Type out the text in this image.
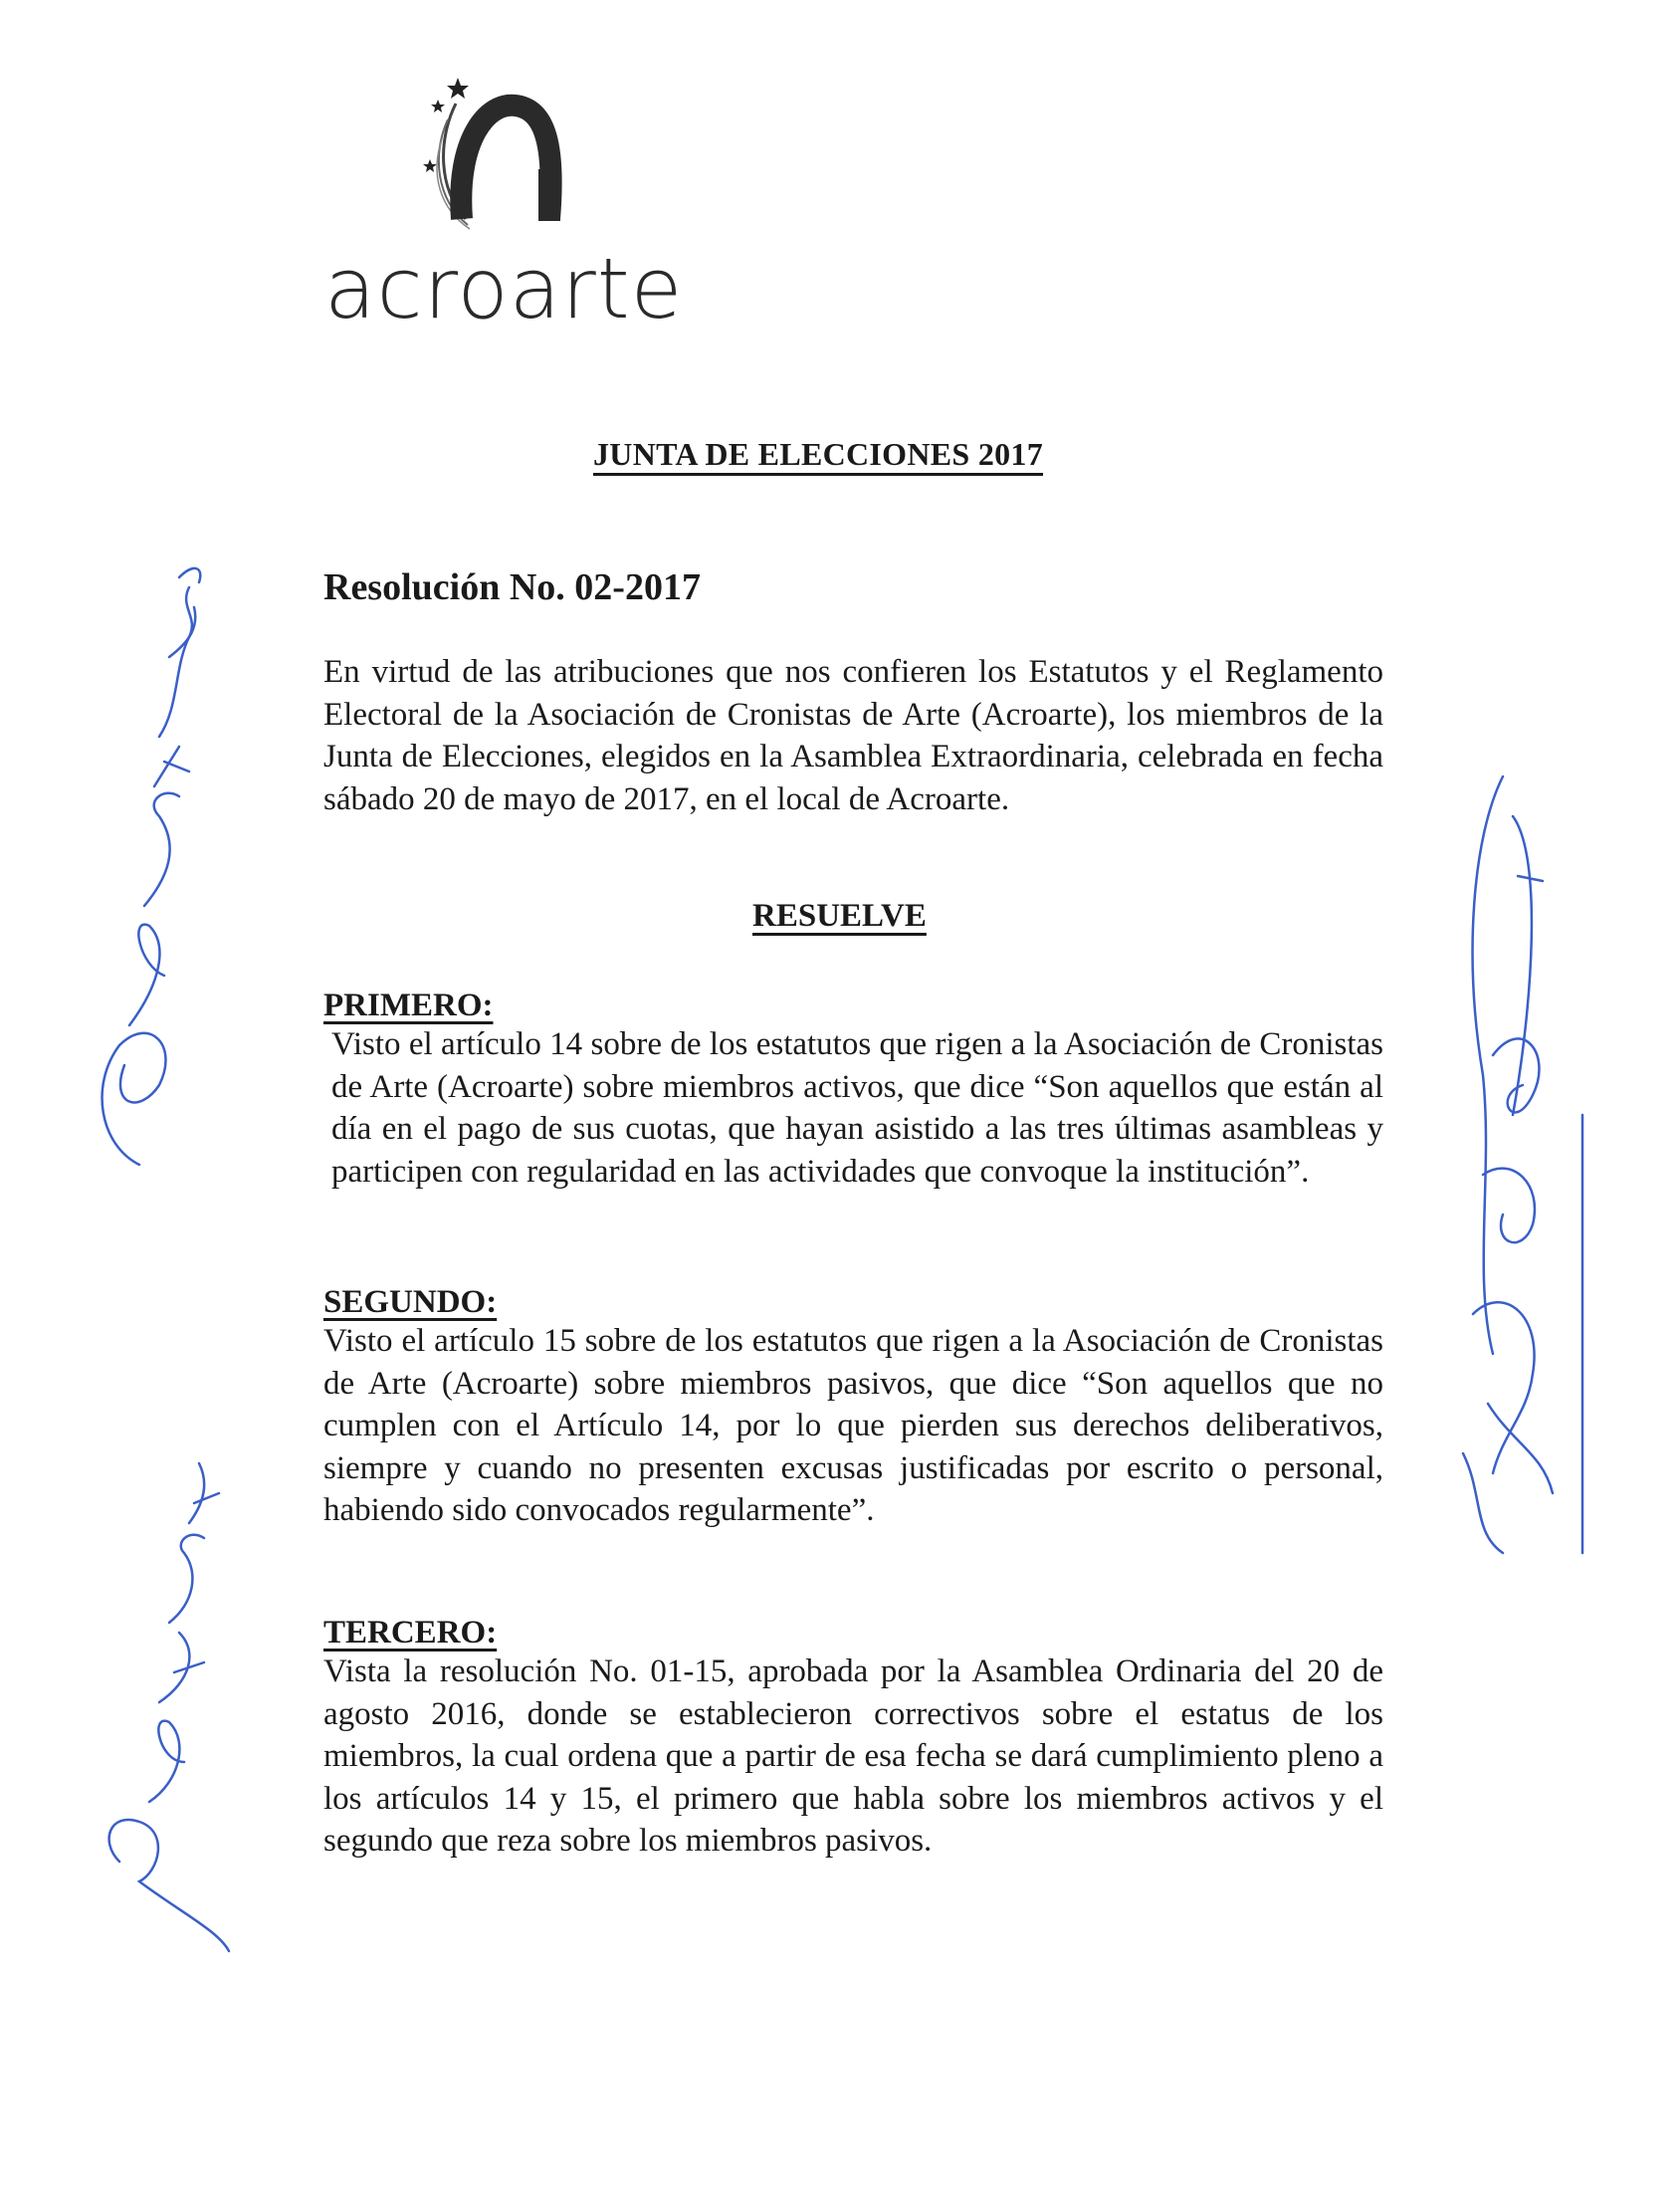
acroarte
JUNTA DE ELECCIONES 2017
Resolución No. 02-2017
En virtud de las atribuciones que nos confieren los Estatutos y el Reglamento Electoral de la Asociación de Cronistas de Arte (Acroarte), los miembros de la Junta de Elecciones, elegidos en la Asamblea Extraordinaria, celebrada en fecha sábado 20 de mayo de 2017, en el local de Acroarte.
RESUELVE
PRIMERO:
Visto el artículo 14 sobre de los estatutos que rigen a la Asociación de Cronistas de Arte (Acroarte) sobre miembros activos, que dice “Son aquellos que están al día en el pago de sus cuotas, que hayan asistido a las tres últimas asambleas y participen con regularidad en las actividades que convoque la institución”.
SEGUNDO:
Visto el artículo 15 sobre de los estatutos que rigen a la Asociación de Cronistas de Arte (Acroarte) sobre miembros pasivos, que dice “Son aquellos que no cumplen con el Artículo 14, por lo que pierden sus derechos deliberativos, siempre y cuando no presenten excusas justificadas por escrito o personal, habiendo sido convocados regularmente”.
TERCERO:
Vista la resolución No. 01-15, aprobada por la Asamblea Ordinaria del 20 de agosto 2016, donde se establecieron correctivos sobre el estatus de los miembros, la cual ordena que a partir de esa fecha se dará cumplimiento pleno a los artículos 14 y 15, el primero que habla sobre los miembros activos y el segundo que reza sobre los miembros pasivos.
